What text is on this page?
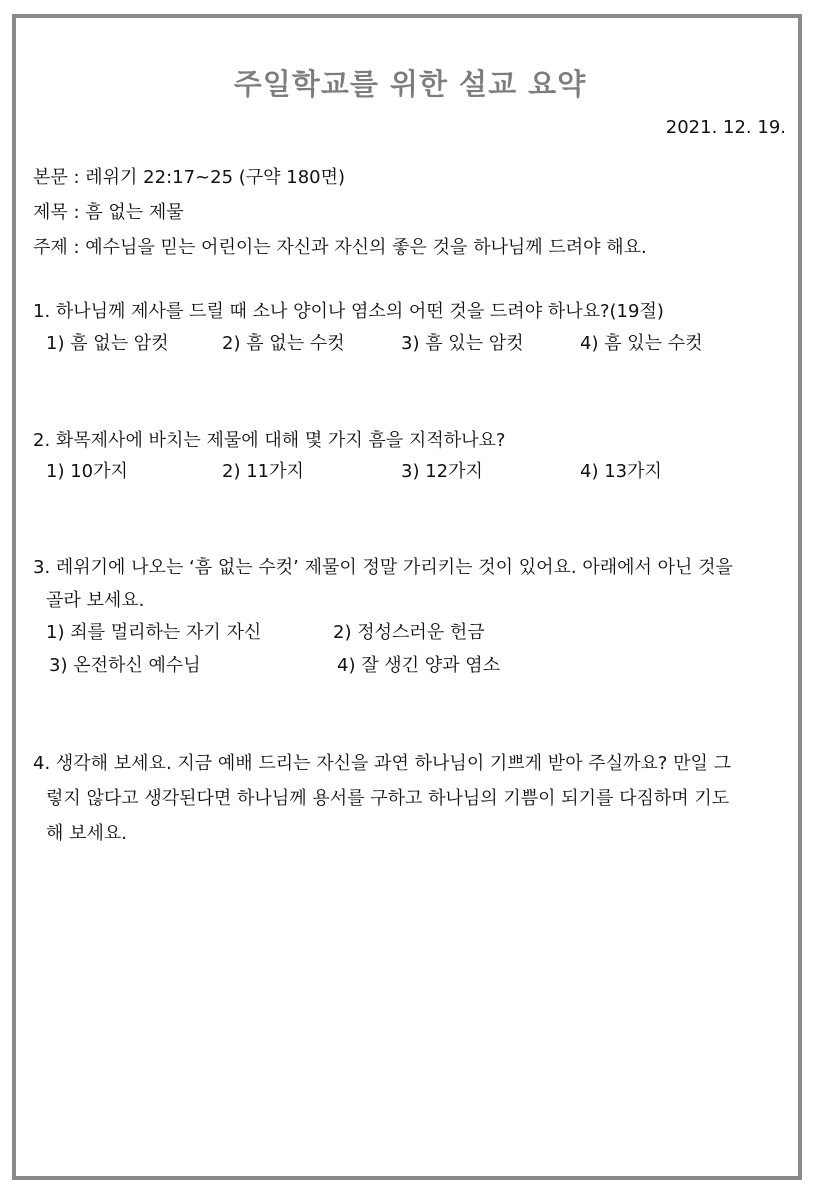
주일학교를 위한 설교 요약
2021. 12. 19.
본문 : 레위기 22:17~25 (구약 180면)
제목 : 흠 없는 제물
주제 : 예수님을 믿는 어린이는 자신과 자신의 좋은 것을 하나님께 드려야 해요.
1. 하나님께 제사를 드릴 때 소나 양이나 염소의 어떤 것을 드려야 하나요?(19절)
1) 흠 없는 암컷	2) 흠 없는 수컷	3) 흠 있는 암컷	4) 흠 있는 수컷
2. 화목제사에 바치는 제물에 대해 몇 가지 흠을 지적하나요?
1) 10가지	2) 11가지	3) 12가지	4) 13가지
3. 레위기에 나오는 ‘흠 없는 수컷’ 제물이 정말 가리키는 것이 있어요. 아래에서 아닌 것을
골라 보세요.
1) 죄를 멀리하는 자기 자신	2) 정성스러운 헌금
3) 온전하신 예수님	4) 잘 생긴 양과 염소
4. 생각해 보세요. 지금 예배 드리는 자신을 과연 하나님이 기쁘게 받아 주실까요? 만일 그
렇지 않다고 생각된다면 하나님께 용서를 구하고 하나님의 기쁨이 되기를 다짐하며 기도
해 보세요.
